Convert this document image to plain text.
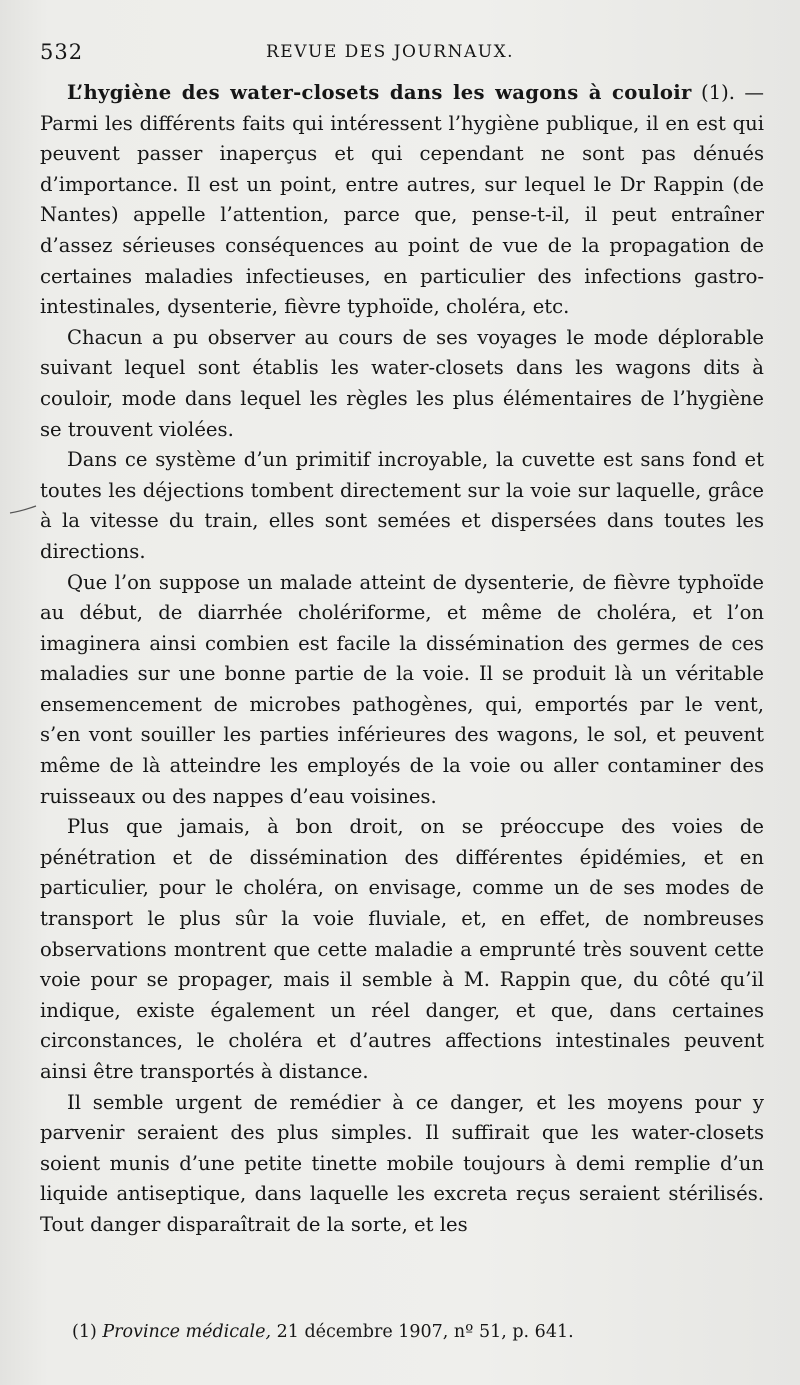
532	REVUE DES JOURNAUX.

L’hygiène des water-closets dans les wagons à couloir (1). — Parmi les différents faits qui intéressent l’hygiène publique, il en est qui peuvent passer inaperçus et qui cependant ne sont pas dénués d’importance. Il est un point, entre autres, sur lequel le Dr Rappin (de Nantes) appelle l’attention, parce que, pense-t-il, il peut entraîner d’assez sérieuses conséquences au point de vue de la propagation de certaines maladies infectieuses, en particulier des infections gastro-intestinales, dysenterie, fièvre typhoïde, choléra, etc.

Chacun a pu observer au cours de ses voyages le mode déplorable suivant lequel sont établis les water-closets dans les wagons dits à couloir, mode dans lequel les règles les plus élémentaires de l’hygiène se trouvent violées.

Dans ce système d’un primitif incroyable, la cuvette est sans fond et toutes les déjections tombent directement sur la voie sur laquelle, grâce à la vitesse du train, elles sont semées et dispersées dans toutes les directions.

Que l’on suppose un malade atteint de dysenterie, de fièvre typhoïde au début, de diarrhée cholériforme, et même de choléra, et l’on imaginera ainsi combien est facile la dissémination des germes de ces maladies sur une bonne partie de la voie. Il se produit là un véritable ensemencement de microbes pathogènes, qui, emportés par le vent, s’en vont souiller les parties inférieures des wagons, le sol, et peuvent même de là atteindre les employés de la voie ou aller contaminer des ruisseaux ou des nappes d’eau voisines.

Plus que jamais, à bon droit, on se préoccupe des voies de pénétration et de dissémination des différentes épidémies, et en particulier, pour le choléra, on envisage, comme un de ses modes de transport le plus sûr la voie fluviale, et, en effet, de nombreuses observations montrent que cette maladie a emprunté très souvent cette voie pour se propager, mais il semble à M. Rappin que, du côté qu’il indique, existe également un réel danger, et que, dans certaines circonstances, le choléra et d’autres affections intestinales peuvent ainsi être transportés à distance.

Il semble urgent de remédier à ce danger, et les moyens pour y parvenir seraient des plus simples. Il suffirait que les water-closets soient munis d’une petite tinette mobile toujours à demi remplie d’un liquide antiseptique, dans laquelle les excreta reçus seraient stérilisés. Tout danger disparaîtrait de la sorte, et les

(1) Province médicale, 21 décembre 1907, nº 51, p. 641.
